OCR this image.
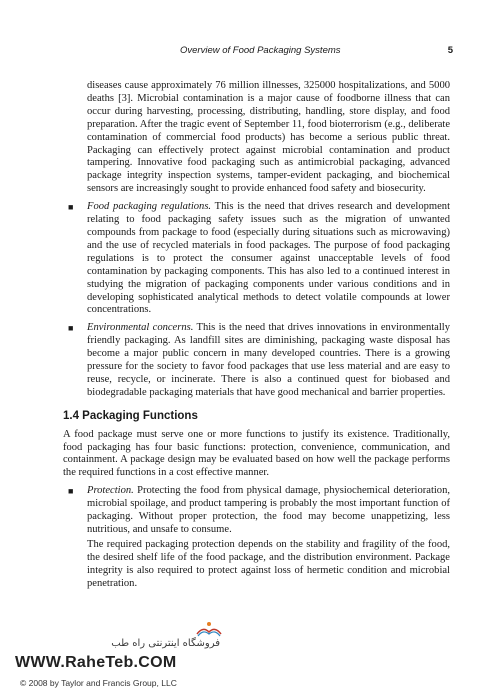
Overview of Food Packaging Systems	5

diseases cause approximately 76 million illnesses, 325000 hospitalizations, and 5000 deaths [3]. Microbial contamination is a major cause of foodborne illness that can occur during harvesting, processing, distributing, handling, store display, and food preparation. After the tragic event of September 11, food bioterrorism (e.g., deliberate contamination of commercial food products) has become a serious public threat. Packaging can effectively protect against microbial contamination and product tampering. Innovative food packaging such as antimicrobial packaging, advanced package integrity inspection systems, tamper-evident packaging, and biochemical sensors are increasingly sought to provide enhanced food safety and biosecurity.

■ Food packaging regulations. This is the need that drives research and development relating to food packaging safety issues such as the migration of unwanted compounds from package to food (especially during situations such as microwaving) and the use of recycled materials in food packages. The purpose of food packaging regulations is to protect the consumer against unacceptable levels of food contamination by packaging components. This has also led to a continued interest in studying the migration of packaging components under various conditions and in developing sophisticated analytical methods to detect volatile compounds at lower concentrations.

■ Environmental concerns. This is the need that drives innovations in environmentally friendly packaging. As landfill sites are diminishing, packaging waste disposal has become a major public concern in many developed countries. There is a growing pressure for the society to favor food packages that use less material and are easy to reuse, recycle, or incinerate. There is also a continued quest for biobased and biodegradable packaging materials that have good mechanical and barrier properties.

1.4 Packaging Functions

A food package must serve one or more functions to justify its existence. Traditionally, food packaging has four basic functions: protection, convenience, communication, and containment. A package design may be evaluated based on how well the package performs the required functions in a cost effective manner.

■ Protection. Protecting the food from physical damage, physiochemical deterioration, microbial spoilage, and product tampering is probably the most important function of packaging. Without proper protection, the food may become unappetizing, less nutritious, and unsafe to consume.

The required packaging protection depends on the stability and fragility of the food, the desired shelf life of the food package, and the distribution environment. Package integrity is also required to protect against loss of hermetic condition and microbial penetration.

فروشگاه اینترنتی راه طب
WWW.RaheTeb.COM
© 2008 by Taylor and Francis Group, LLC
